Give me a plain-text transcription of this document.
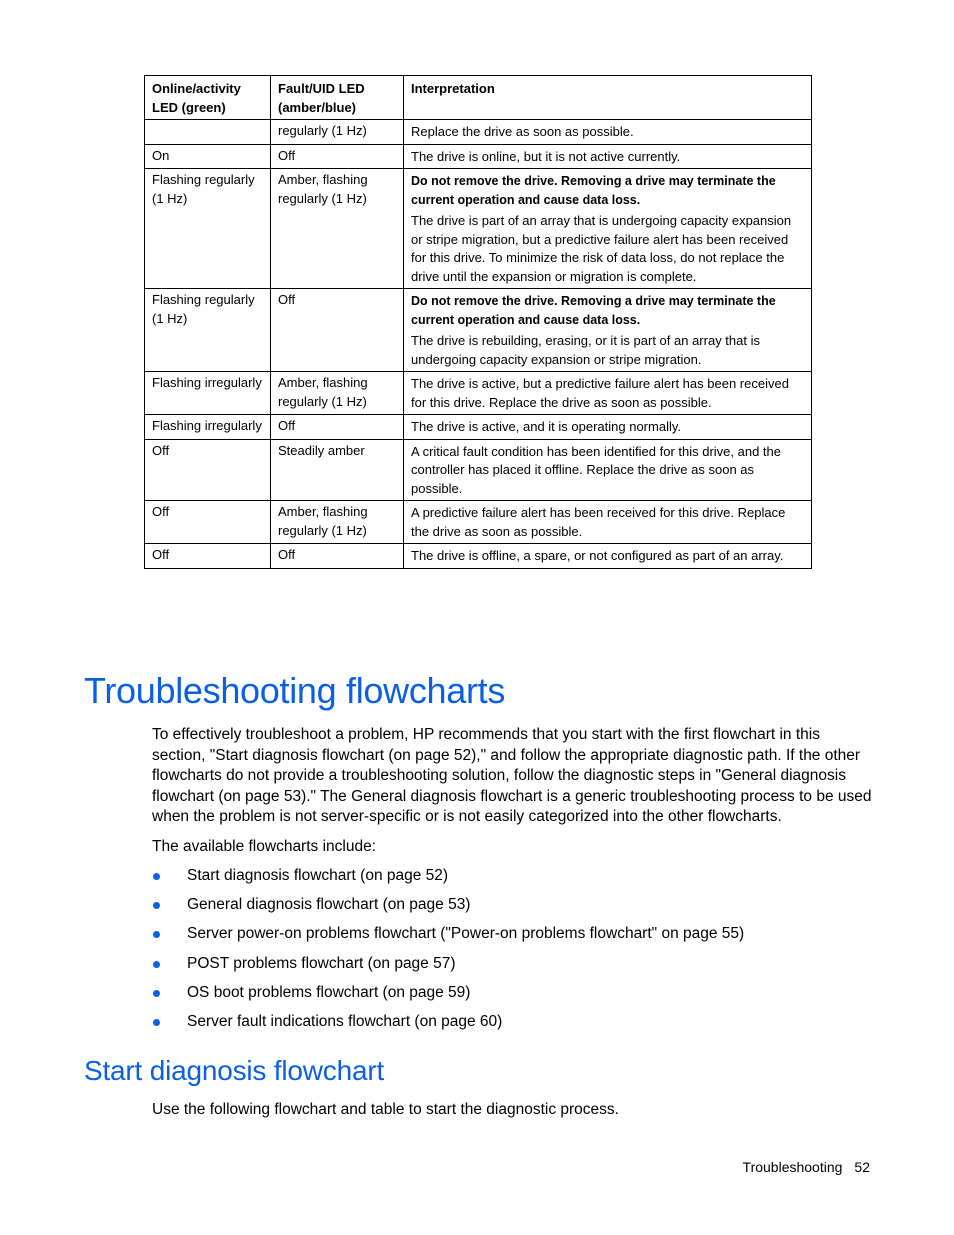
Online/activity LED (green)	Fault/UID LED (amber/blue)	Interpretation
	regularly (1 Hz)	Replace the drive as soon as possible.

On	Off	The drive is online, but it is not active currently.

Flashing regularly (1 Hz)	Amber, flashing regularly (1 Hz)	Do not remove the drive. Removing a drive may terminate the current operation and cause data loss.
The drive is part of an array that is undergoing capacity expansion or stripe migration, but a predictive failure alert has been received for this drive. To minimize the risk of data loss, do not replace the drive until the expansion or migration is complete.

Flashing regularly (1 Hz)	Off	Do not remove the drive. Removing a drive may terminate the current operation and cause data loss.
The drive is rebuilding, erasing, or it is part of an array that is undergoing capacity expansion or stripe migration.

Flashing irregularly	Amber, flashing regularly (1 Hz)	The drive is active, but a predictive failure alert has been received for this drive. Replace the drive as soon as possible.

Flashing irregularly	Off	The drive is active, and it is operating normally.

Off	Steadily amber	A critical fault condition has been identified for this drive, and the controller has placed it offline. Replace the drive as soon as possible.

Off	Amber, flashing regularly (1 Hz)	A predictive failure alert has been received for this drive. Replace the drive as soon as possible.

Off	Off	The drive is offline, a spare, or not configured as part of an array.
Troubleshooting flowcharts

To effectively troubleshoot a problem, HP recommends that you start with the first flowchart in this section, "Start diagnosis flowchart (on page 52)," and follow the appropriate diagnostic path. If the other flowcharts do not provide a troubleshooting solution, follow the diagnostic steps in "General diagnosis flowchart (on page 53)." The General diagnosis flowchart is a generic troubleshooting process to be used when the problem is not server-specific or is not easily categorized into the other flowcharts.

The available flowcharts include:

Start diagnosis flowchart (on page 52)
General diagnosis flowchart (on page 53)
Server power-on problems flowchart ("Power-on problems flowchart" on page 55)
POST problems flowchart (on page 57)
OS boot problems flowchart (on page 59)
Server fault indications flowchart (on page 60)
Start diagnosis flowchart

Use the following flowchart and table to start the diagnostic process.

Troubleshooting 52
